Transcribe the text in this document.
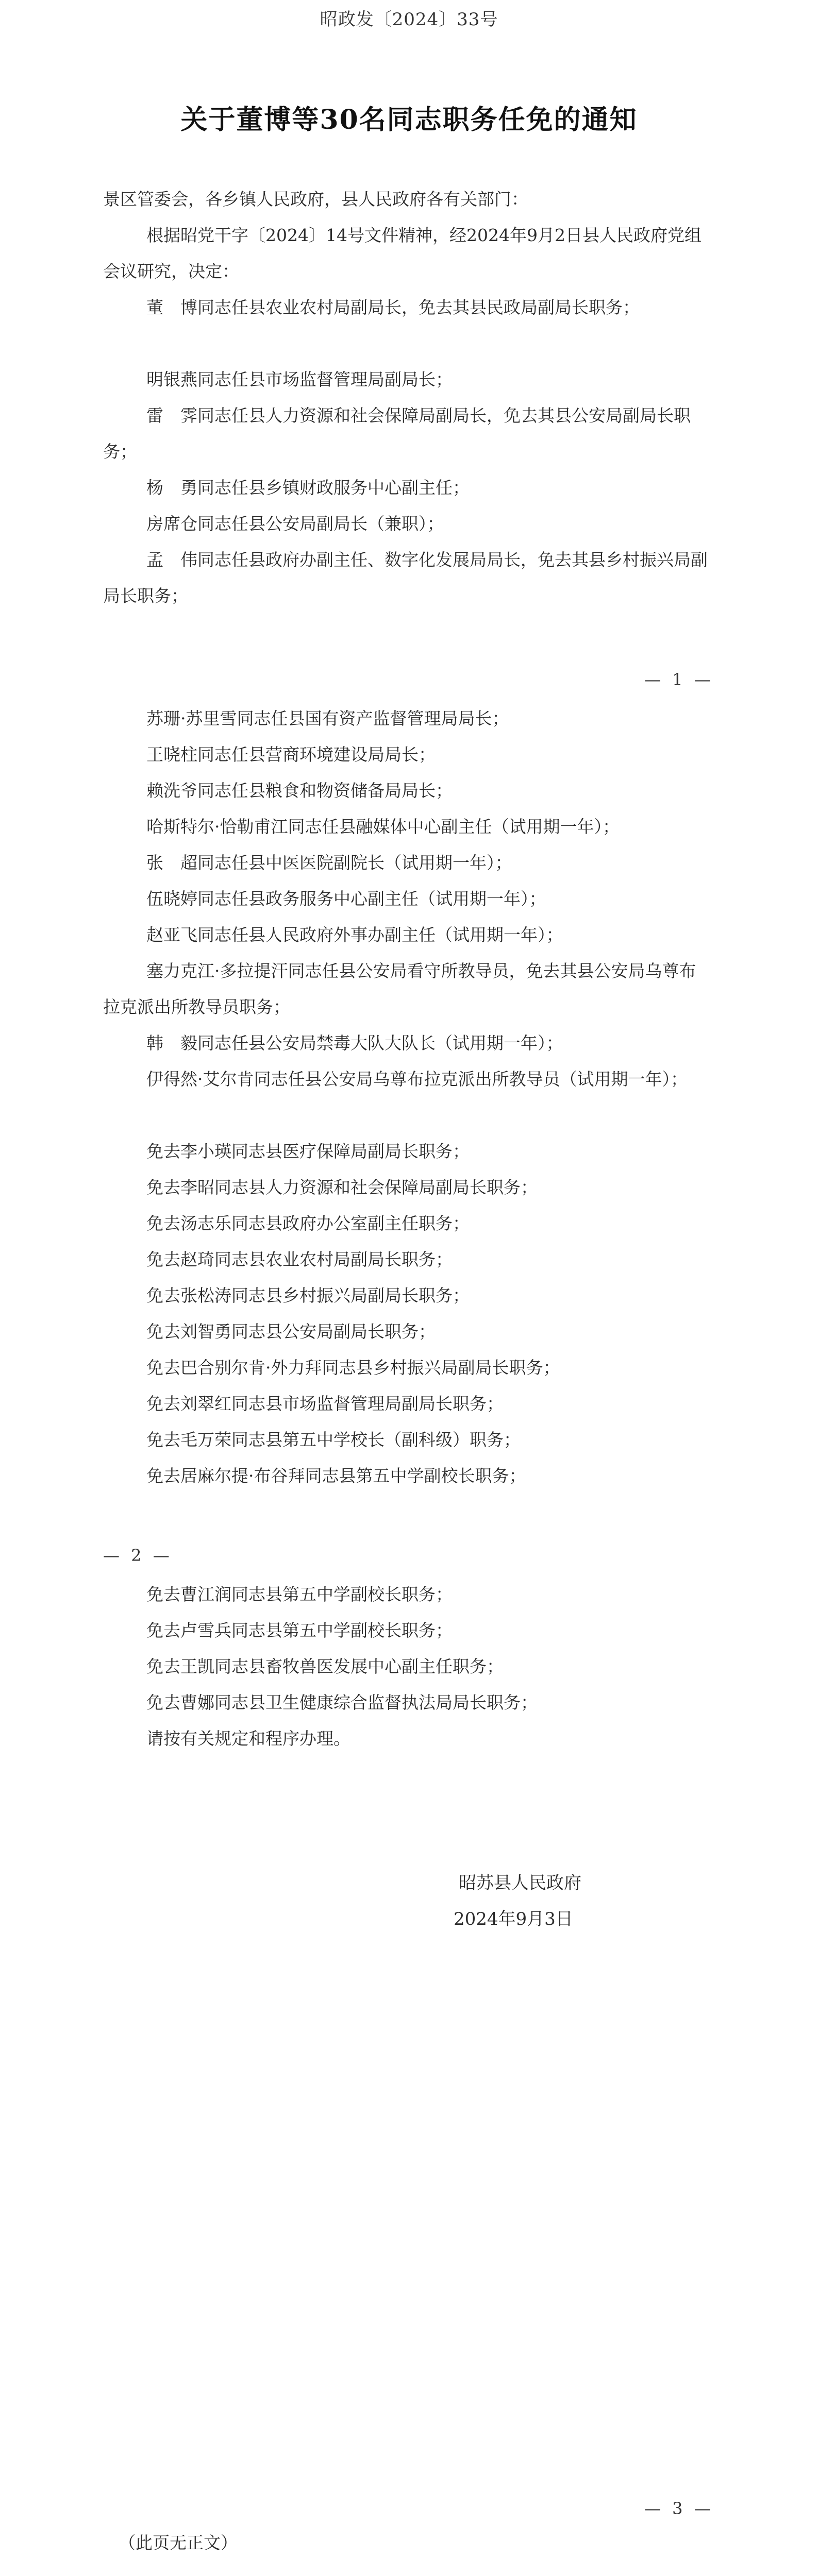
昭政发〔2024〕33号
关于董博等30名同志职务任免的通知
景区管委会，各乡镇人民政府，县人民政府各有关部门：
根据昭党干字〔2024〕14号文件精神，经2024年9月2日县人民政府党组会议研究，决定：
董　博同志任县农业农村局副局长，免去其县民政局副局长职务；
明银燕同志任县市场监督管理局副局长；
雷　霁同志任县人力资源和社会保障局副局长，免去其县公安局副局长职务；
杨　勇同志任县乡镇财政服务中心副主任；
房席仓同志任县公安局副局长（兼职）；
孟　伟同志任县政府办副主任、数字化发展局局长，免去其县乡村振兴局副局长职务；
— 1 —
苏珊·苏里雪同志任县国有资产监督管理局局长；
王晓柱同志任县营商环境建设局局长；
赖洗爷同志任县粮食和物资储备局局长；
哈斯特尔·恰勒甫江同志任县融媒体中心副主任（试用期一年）；
张　超同志任县中医医院副院长（试用期一年）；
伍晓婷同志任县政务服务中心副主任（试用期一年）；
赵亚飞同志任县人民政府外事办副主任（试用期一年）；
塞力克江·多拉提汗同志任县公安局看守所教导员，免去其县公安局乌尊布拉克派出所教导员职务；
韩　毅同志任县公安局禁毒大队大队长（试用期一年）；
伊得然·艾尔肯同志任县公安局乌尊布拉克派出所教导员（试用期一年）；
免去李小瑛同志县医疗保障局副局长职务；
免去李昭同志县人力资源和社会保障局副局长职务；
免去汤志乐同志县政府办公室副主任职务；
免去赵琦同志县农业农村局副局长职务；
免去张松涛同志县乡村振兴局副局长职务；
免去刘智勇同志县公安局副局长职务；
免去巴合别尔肯·外力拜同志县乡村振兴局副局长职务；
免去刘翠红同志县市场监督管理局副局长职务；
免去毛万荣同志县第五中学校长（副科级）职务；
免去居麻尔提·布谷拜同志县第五中学副校长职务；
— 2 —
免去曹江润同志县第五中学副校长职务；
免去卢雪兵同志县第五中学副校长职务；
免去王凯同志县畜牧兽医发展中心副主任职务；
免去曹娜同志县卫生健康综合监督执法局局长职务；
请按有关规定和程序办理。
昭苏县人民政府
2024年9月3日
— 3 —
（此页无正文）
